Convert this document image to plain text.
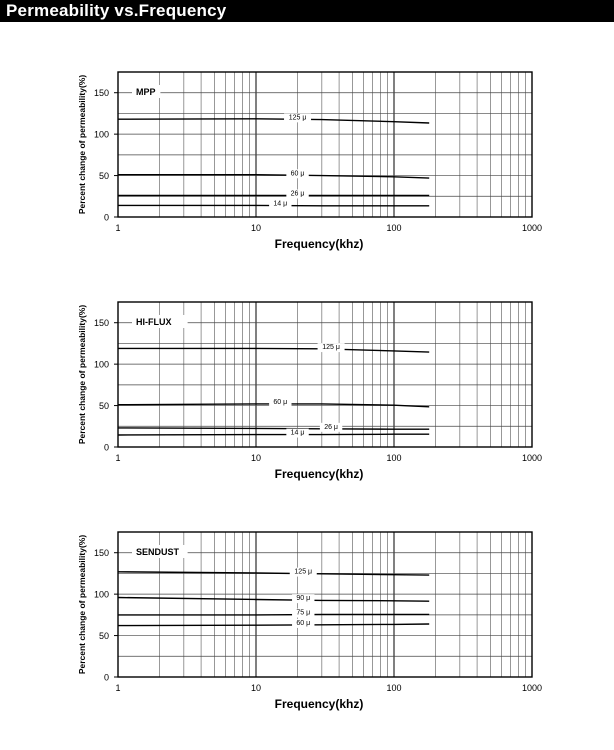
Permeability vs.Frequency
0
50
100
150
1	10	100	1000
Frequency(khz)
Percent change of permeability(%)	125 μ
60 μ
26 μ
14 μ
MPP
0
50
100
150
1	10	100	1000
Frequency(khz)
Percent change of permeability(%)	125 μ
60 μ
26 μ
14 μ
HI-FLUX
0
50
100
150
1	10	100	1000
Frequency(khz)
Percent change of permeability(%)	125 μ
90 μ
75 μ
60 μ
SENDUST
